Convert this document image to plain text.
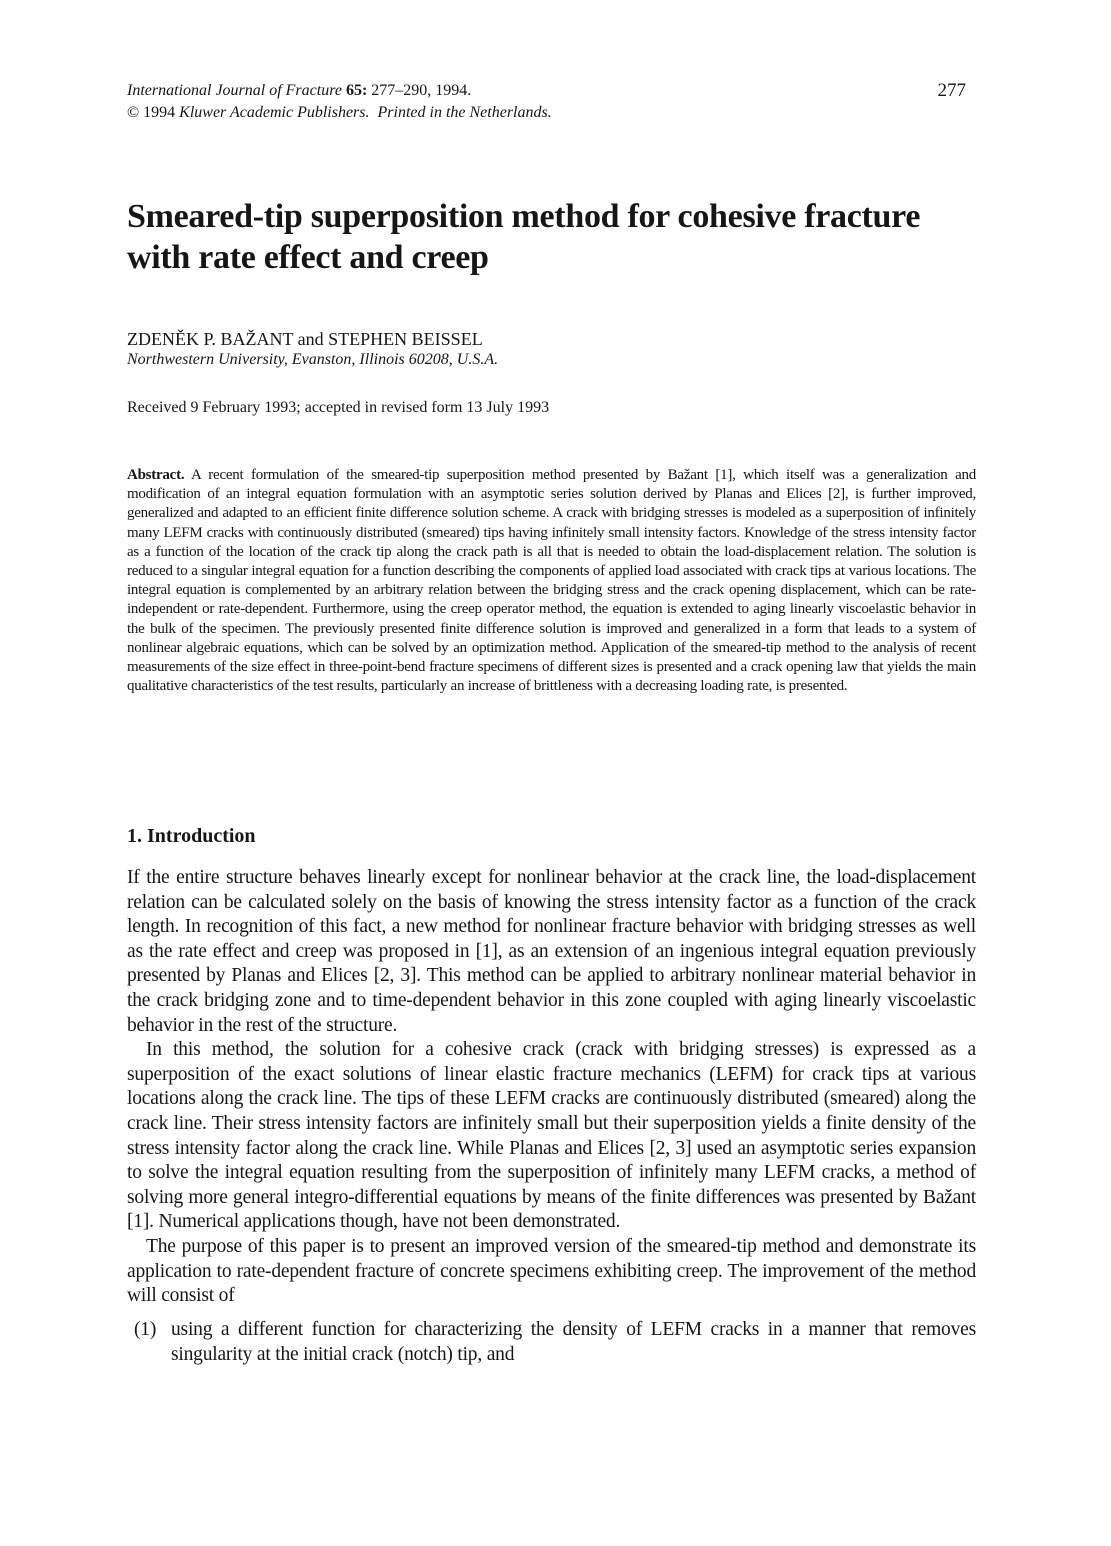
International Journal of Fracture 65: 277–290, 1994.
© 1994 Kluwer Academic Publishers. Printed in the Netherlands.
277
Smeared-tip superposition method for cohesive fracture with rate effect and creep
ZDENĚK P. BAŽANT and STEPHEN BEISSEL
Northwestern University, Evanston, Illinois 60208, U.S.A.
Received 9 February 1993; accepted in revised form 13 July 1993

Abstract. A recent formulation of the smeared-tip superposition method presented by Bažant [1], which itself was a generalization and modification of an integral equation formulation with an asymptotic series solution derived by Planas and Elices [2], is further improved, generalized and adapted to an efficient finite difference solution scheme. A crack with bridging stresses is modeled as a superposition of infinitely many LEFM cracks with continuously distributed (smeared) tips having infinitely small intensity factors. Knowledge of the stress intensity factor as a function of the location of the crack tip along the crack path is all that is needed to obtain the load-displacement relation. The solution is reduced to a singular integral equation for a function describing the components of applied load associated with crack tips at various locations. The integral equation is complemented by an arbitrary relation between the bridging stress and the crack opening displacement, which can be rate-independent or rate-dependent. Furthermore, using the creep operator method, the equation is extended to aging linearly viscoelastic behavior in the bulk of the specimen. The previously presented finite difference solution is improved and generalized in a form that leads to a system of nonlinear algebraic equations, which can be solved by an optimization method. Application of the smeared-tip method to the analysis of recent measurements of the size effect in three-point-bend fracture specimens of different sizes is presented and a crack opening law that yields the main qualitative characteristics of the test results, particularly an increase of brittleness with a decreasing loading rate, is presented.

1. Introduction

If the entire structure behaves linearly except for nonlinear behavior at the crack line, the load-displacement relation can be calculated solely on the basis of knowing the stress intensity factor as a function of the crack length. In recognition of this fact, a new method for nonlinear fracture behavior with bridging stresses as well as the rate effect and creep was proposed in [1], as an extension of an ingenious integral equation previously presented by Planas and Elices [2, 3]. This method can be applied to arbitrary nonlinear material behavior in the crack bridging zone and to time-dependent behavior in this zone coupled with aging linearly viscoelastic behavior in the rest of the structure.

In this method, the solution for a cohesive crack (crack with bridging stresses) is expressed as a superposition of the exact solutions of linear elastic fracture mechanics (LEFM) for crack tips at various locations along the crack line. The tips of these LEFM cracks are continuously distributed (smeared) along the crack line. Their stress intensity factors are infinitely small but their superposition yields a finite density of the stress intensity factor along the crack line. While Planas and Elices [2, 3] used an asymptotic series expansion to solve the integral equation resulting from the superposition of infinitely many LEFM cracks, a method of solving more general integro-differential equations by means of the finite differences was presented by Bažant [1]. Numerical applications though, have not been demonstrated.

The purpose of this paper is to present an improved version of the smeared-tip method and demonstrate its application to rate-dependent fracture of concrete specimens exhibiting creep. The improvement of the method will consist of

(1) using a different function for characterizing the density of LEFM cracks in a manner that removes singularity at the initial crack (notch) tip, and
